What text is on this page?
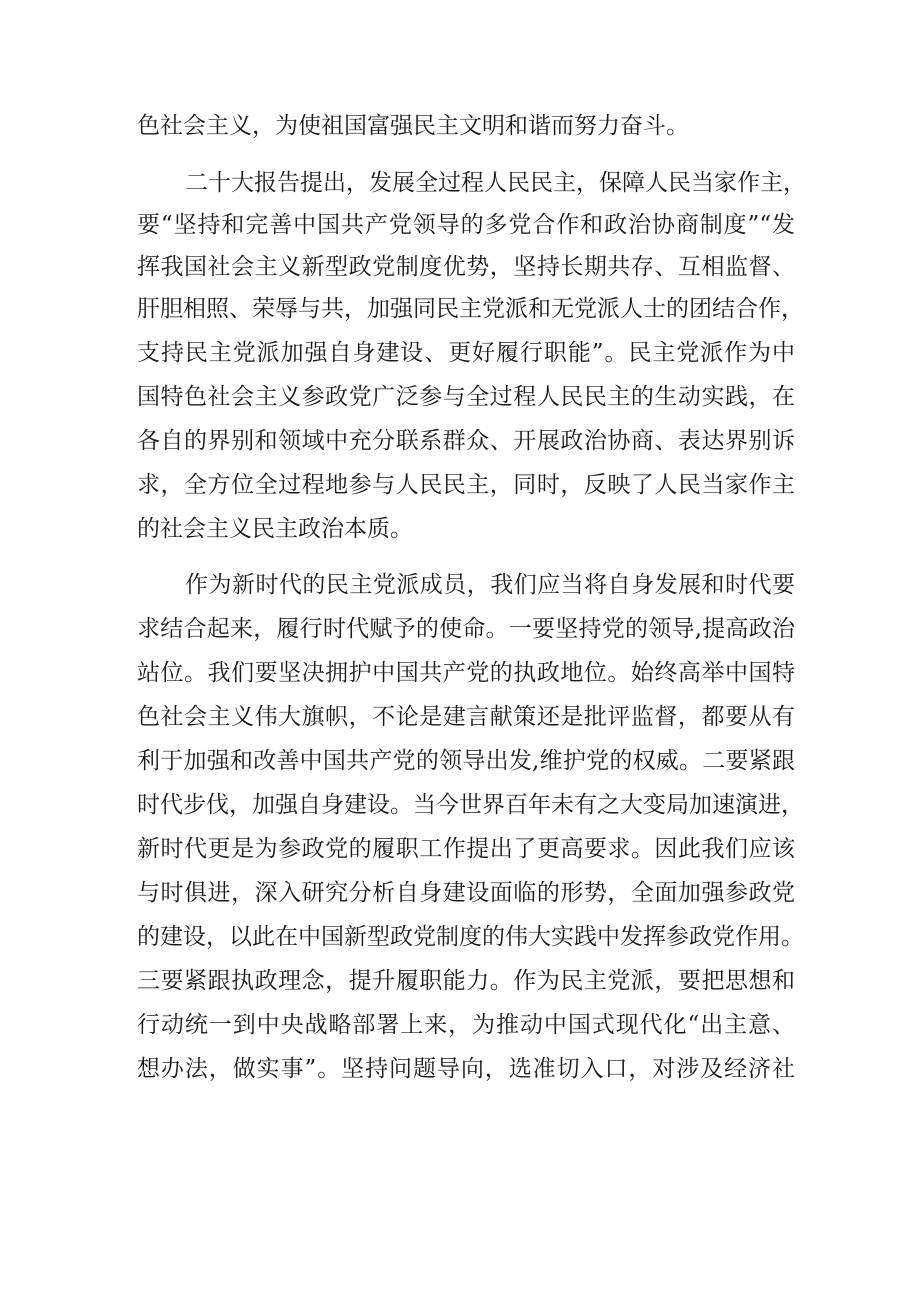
色社会主义，为使祖国富强民主文明和谐而努力奋斗。
二十大报告提出，发展全过程人民民主，保障人民当家作主，
要“坚持和完善中国共产党领导的多党合作和政治协商制度”“发
挥我国社会主义新型政党制度优势，坚持长期共存、互相监督、
肝胆相照、荣辱与共，加强同民主党派和无党派人士的团结合作，
支持民主党派加强自身建设、更好履行职能”。民主党派作为中
国特色社会主义参政党广泛参与全过程人民民主的生动实践，在
各自的界别和领域中充分联系群众、开展政治协商、表达界别诉
求，全方位全过程地参与人民民主，同时，反映了人民当家作主
的社会主义民主政治本质。
作为新时代的民主党派成员，我们应当将自身发展和时代要
求结合起来，履行时代赋予的使命。一要坚持党的领导,提高政治
站位。我们要坚决拥护中国共产党的执政地位。始终高举中国特
色社会主义伟大旗帜，不论是建言献策还是批评监督，都要从有
利于加强和改善中国共产党的领导出发,维护党的权威。二要紧跟
时代步伐，加强自身建设。当今世界百年未有之大变局加速演进，
新时代更是为参政党的履职工作提出了更高要求。因此我们应该
与时俱进，深入研究分析自身建设面临的形势，全面加强参政党
的建设，以此在中国新型政党制度的伟大实践中发挥参政党作用。
三要紧跟执政理念，提升履职能力。作为民主党派，要把思想和
行动统一到中央战略部署上来，为推动中国式现代化“出主意、
想办法，做实事”。坚持问题导向，选准切入口，对涉及经济社
